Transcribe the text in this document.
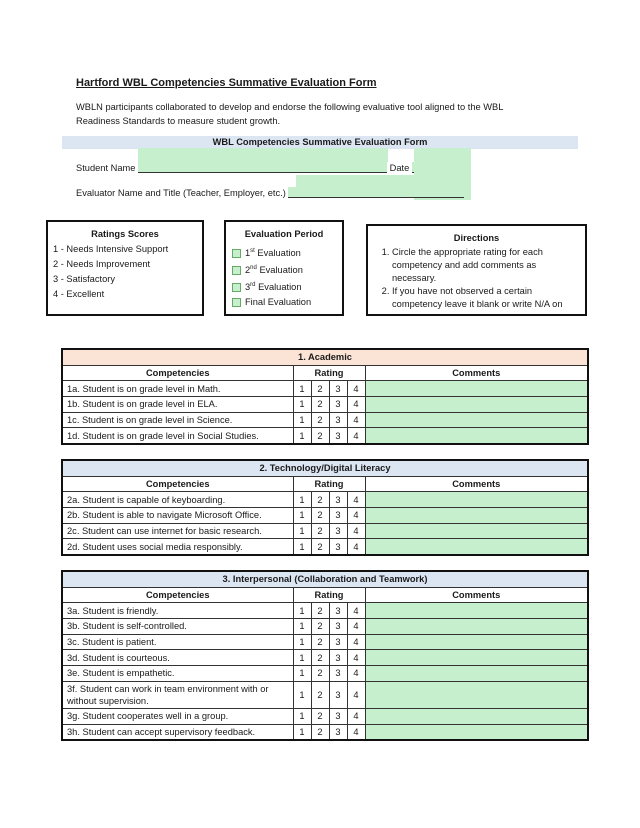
Hartford WBL Competencies Summative Evaluation Form
WBLN participants collaborated to develop and endorse the following evaluative tool aligned to the WBL Readiness Standards to measure student growth.
WBL Competencies Summative Evaluation Form
Student Name	Date
Evaluator Name and Title (Teacher, Employer, etc.)
Ratings Scores
1 - Needs Intensive Support
2 - Needs Improvement
3 - Satisfactory
4 - Excellent
Evaluation Period
1st Evaluation
2nd Evaluation
3rd Evaluation
Final Evaluation
Directions
1. Circle the appropriate rating for each competency and add comments as necessary.
2. If you have not observed a certain competency leave it blank or write N/A on
1. Academic					
Competencies	Rating				Comments
1a. Student is on grade level in Math.	1	2	3	4	
1b. Student is on grade level in ELA.	1	2	3	4	
1c. Student is on grade level in Science.	1	2	3	4	
1d. Student is on grade level in Social Studies.	1	2	3	4	
2. Technology/Digital Literacy					
Competencies	Rating				Comments
2a. Student is capable of keyboarding.	1	2	3	4	
2b. Student is able to navigate Microsoft Office.	1	2	3	4	
2c. Student can use internet for basic research.	1	2	3	4	
2d. Student uses social media responsibly.	1	2	3	4	
3. Interpersonal (Collaboration and Teamwork)					
Competencies	Rating				Comments
3a. Student is friendly.	1	2	3	4	
3b. Student is self-controlled.	1	2	3	4	
3c. Student is patient.	1	2	3	4	
3d. Student is courteous.	1	2	3	4	
3e. Student is empathetic.	1	2	3	4	
3f. Student can work in team environment with or without supervision.	1	2	3	4	
3g. Student cooperates well in a group.	1	2	3	4	
3h. Student can accept supervisory feedback.	1	2	3	4	
